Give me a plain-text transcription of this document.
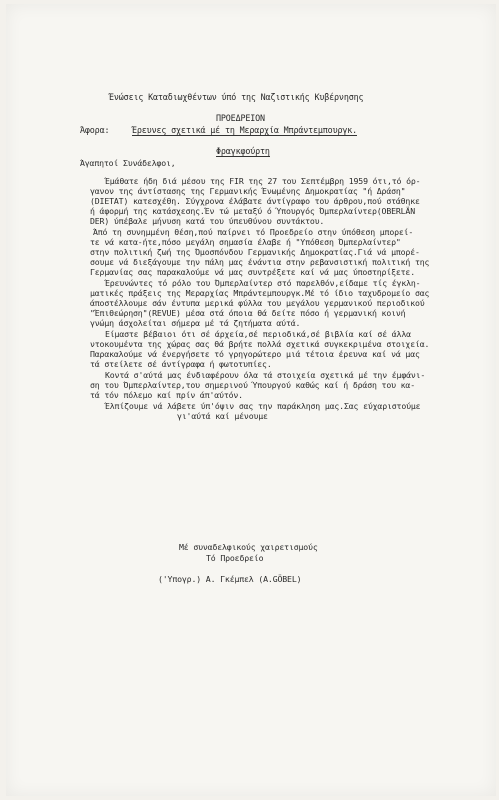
Ένώσεις Καταδιωχθέντων ύπό της Ναζιστικής Κυβέρνησης
ΠΡΟΕΔΡΕΙΟΝ
Άφορα:	Έρευνες σχετικά μέ τη Μεραρχία Μπράντεμπουργκ.
Φραγκφούρτη
Άγαπητοί Συνάδελφοι,
Έμάθατε ήδη διά μέσου της FIR της 27 του Σεπτέμβρη 1959 ότι,τό όρ-
γανον της άντίστασης της Γερμανικής Ένωμένης Δημοκρατίας "ή Δράση"
(DIETAT) κατεσχέθη. Σύγχρονα έλάβατε άντίγραφο του άρθρου,πού στάθηκε
ή άφορμή της κατάσχεσης.Έν τώ μεταξύ ό Ύπουργός Όμπερλαίντερ(OBERLÄN
DER) ύπέβαλε μήνυση κατά του ύπευθύνου συντάκτου.
Άπό τη συνημμένη θέση,πού παίρνει τό Προεδρείο στην ύπόθεση μπορεί-
τε νά κατα-ήτε,πόσο μεγάλη σημασία έλαβε ή "Υπόθεση Όμπερλαίντερ"
στην πολιτική ζωή της Όμοσπόνδου Γερμανικής Δημοκρατίας.Γιά νά μπορέ-
σουμε νά διεξάγουμε την πάλη μας ένάντια στην ρεβανσιστική πολιτική της
Γερμανίας σας παρακαλούμε νά μας συντρέξετε καί νά μας ύποστηρίξετε.
Έρευνώντες τό ρόλο του Όμπερλαίντερ στό παρελθόν,είδαμε τίς έγκλη-
ματικές πράξεις της Μεραρχίας Μπράντεμπουργκ.Μέ τό ίδιο ταχυδρομείο σας
άποστέλλουμε σάν έντυπα μερικά φύλλα του μεγάλου γερμανικού περιοδικού
"Έπιθεώρηση"(REVUE) μέσα στά όποια θά δείτε πόσο ή γερμανική κοινή
γνώμη άσχολείται σήμερα μέ τά ζητήματα αύτά.
Είμαστε βέβαιοι ότι σέ άρχεία,σέ περιοδικά,σέ βιβλία καί σέ άλλα
ντοκουμέντα της χώρας σας θά βρήτε πολλά σχετικά συγκεκριμένα στοιχεία.
Παρακαλούμε νά ένεργήσετε τό γρηγορώτερο μιά τέτοια έρευνα καί νά μας
τά στείλετε σέ άντίγραφα ή φωτοτυπίες.
Κοντά σ'αύτά μας ένδιαφέρουν όλα τά στοιχεία σχετικά μέ την έμφάνι-
ση του Όμπερλαίντερ,του σημερινού Ύπουργού καθώς καί ή δράση του κα-
τά τόν πόλεμο καί πρίν άπ'αύτόν.
Έλπίζουμε νά λάβετε ύπ'όψιν σας την παράκληση μας.Σας εύχαριστούμε
γι'αύτά καί μένουμε
Μέ συναδελφικούς χαιρετισμούς
Τό Προεδρείο
('Υπογρ.) Α. Γκέμπελ (A.GÖBEL)
